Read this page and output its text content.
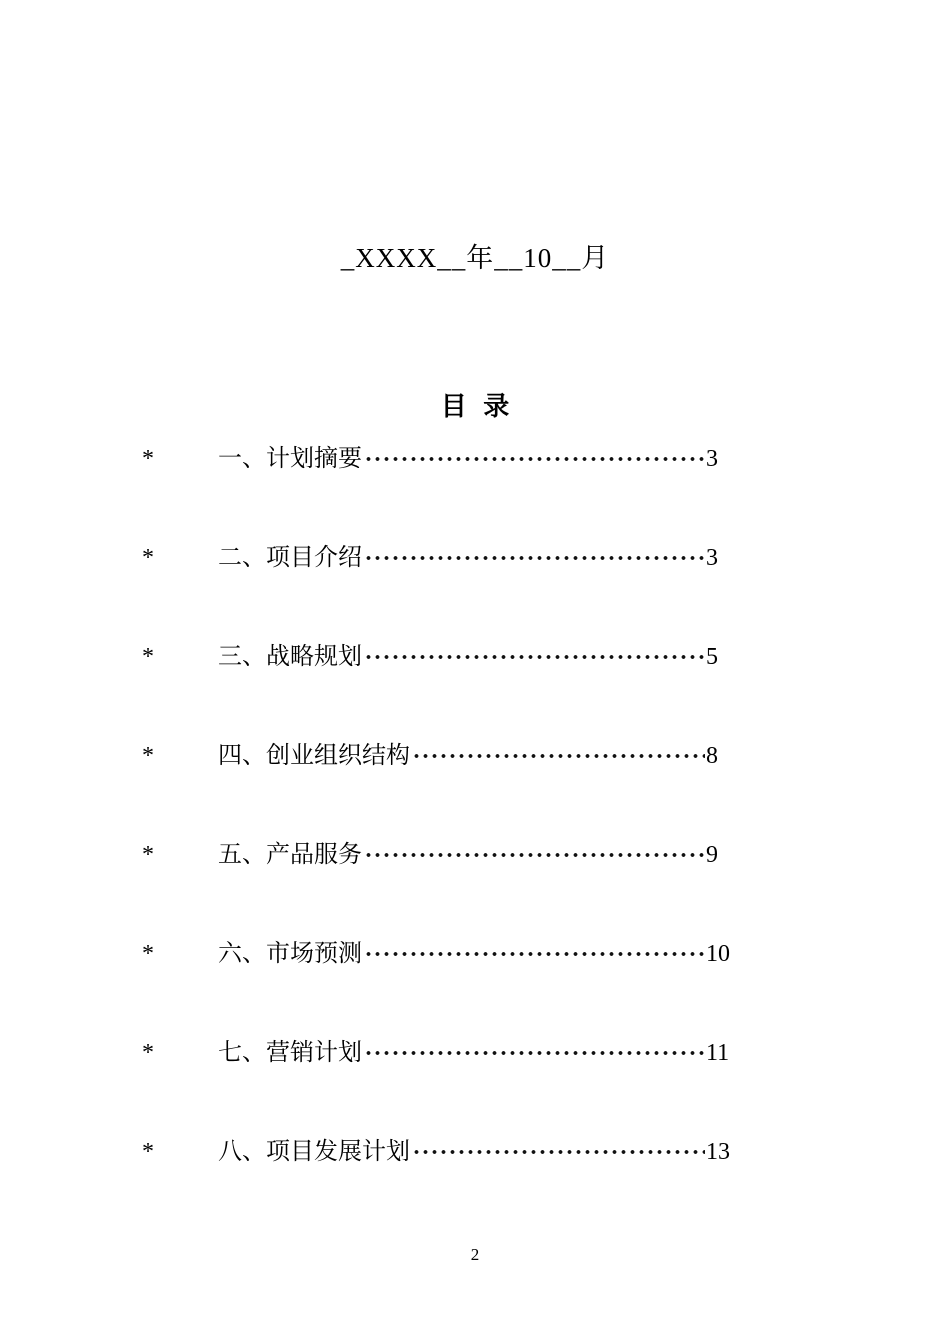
_XXXX__年__10__月
目 录
*	一、计划摘要	3
*	二、项目介绍	3
*	三、战略规划	5
*	四、创业组织结构	8
*	五、产品服务	9
*	六、市场预测	10
*	七、营销计划	11
*	八、项目发展计划	13
2
